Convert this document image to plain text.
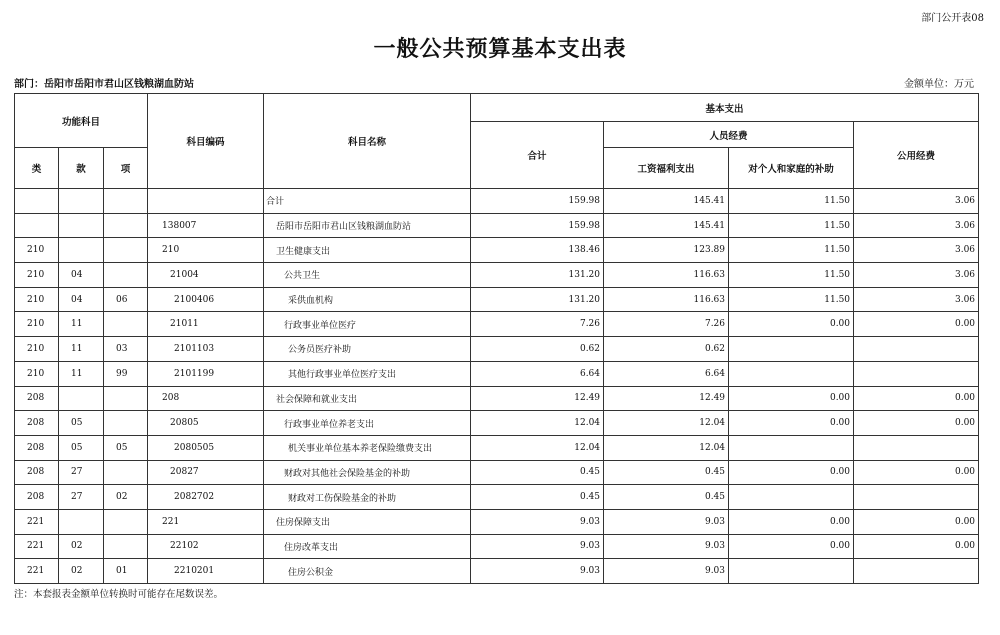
部门公开表08
一般公共预算基本支出表
部门：岳阳市岳阳市君山区钱粮湖血防站	金额单位：万元
功能科目			科目编码	科目名称	基本支出			
					合计	人员经费		公用经费
类	款	项				工资福利支出	对个人和家庭的补助	
				合计	159.98	145.41	11.50	3.06
			138007	岳阳市岳阳市君山区钱粮湖血防站	159.98	145.41	11.50	3.06
210			210	卫生健康支出	138.46	123.89	11.50	3.06
210	04		21004	公共卫生	131.20	116.63	11.50	3.06
210	04	06	2100406	采供血机构	131.20	116.63	11.50	3.06
210	11		21011	行政事业单位医疗	7.26	7.26	0.00	0.00
210	11	03	2101103	公务员医疗补助	0.62	0.62		
210	11	99	2101199	其他行政事业单位医疗支出	6.64	6.64		
208			208	社会保障和就业支出	12.49	12.49	0.00	0.00
208	05		20805	行政事业单位养老支出	12.04	12.04	0.00	0.00
208	05	05	2080505	机关事业单位基本养老保险缴费支出	12.04	12.04		
208	27		20827	财政对其他社会保险基金的补助	0.45	0.45	0.00	0.00
208	27	02	2082702	财政对工伤保险基金的补助	0.45	0.45		
221			221	住房保障支出	9.03	9.03	0.00	0.00
221	02		22102	住房改革支出	9.03	9.03	0.00	0.00
221	02	01	2210201	住房公积金	9.03	9.03		
注：本套报表金额单位转换时可能存在尾数误差。
